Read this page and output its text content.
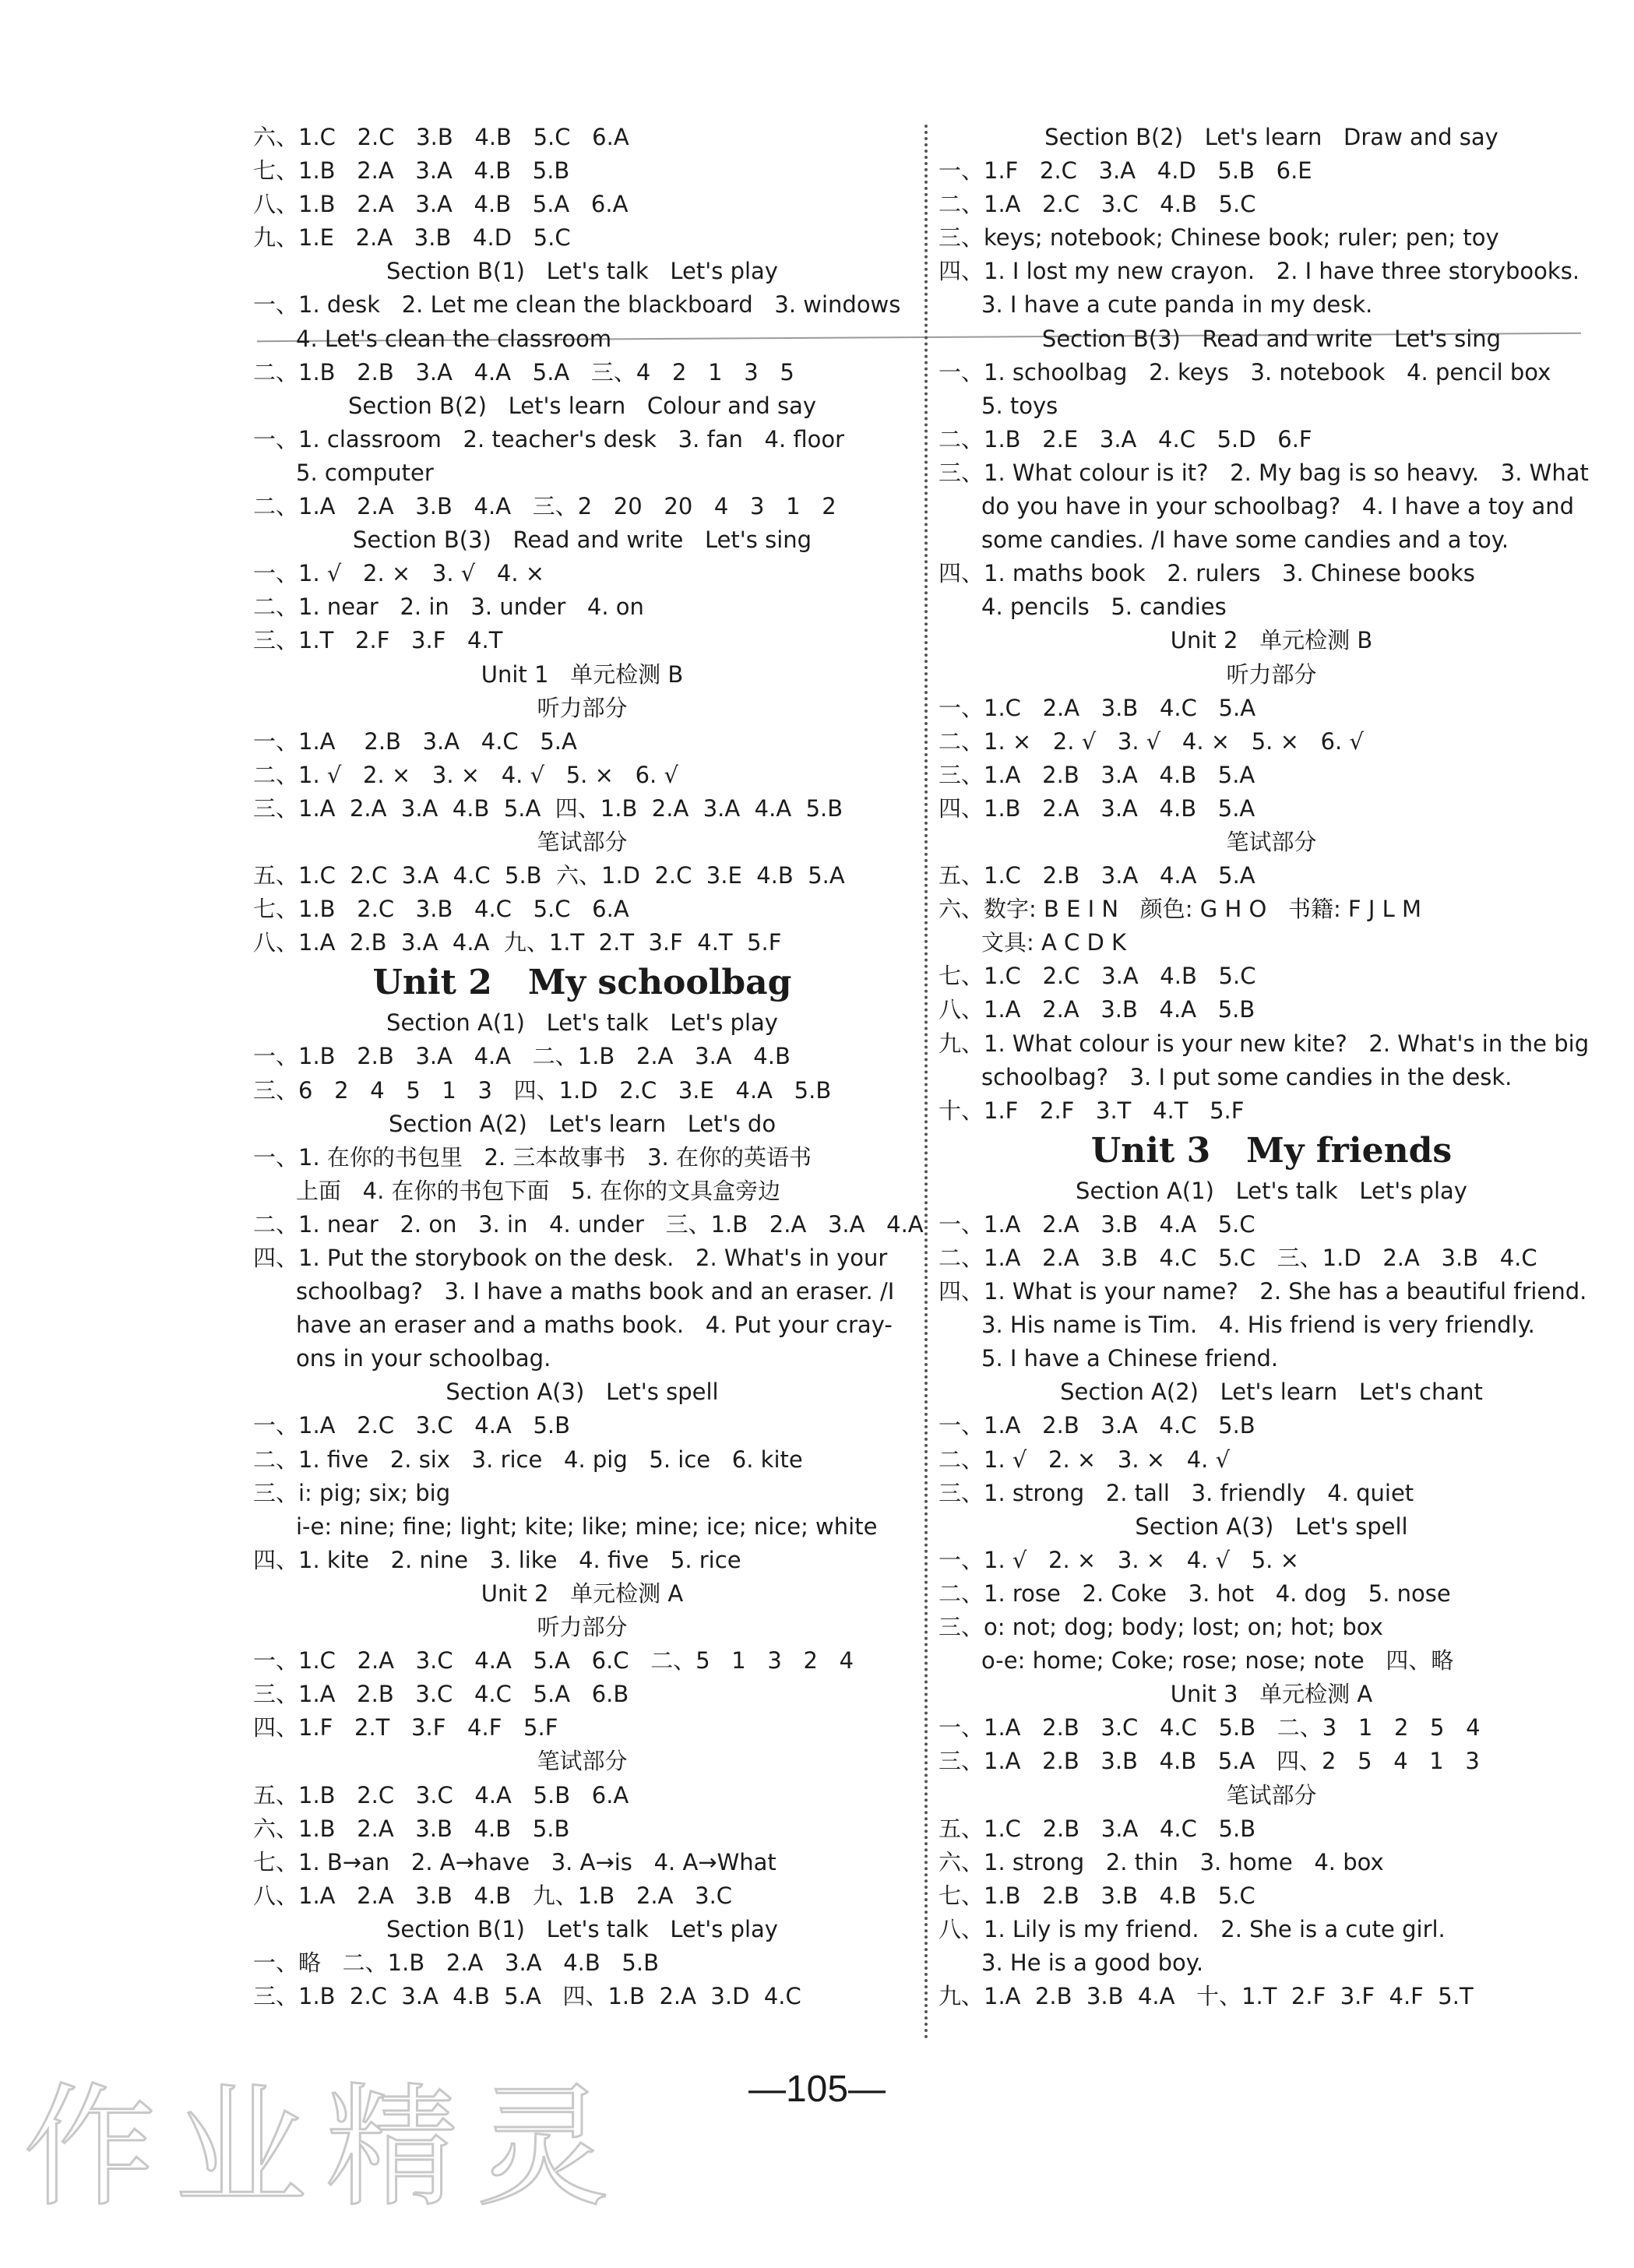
六、1.C   2.C   3.B   4.B   5.C   6.A
七、1.B   2.A   3.A   4.B   5.B
八、1.B   2.A   3.A   4.B   5.A   6.A
九、1.E   2.A   3.B   4.D   5.C
Section B(1)   Let's talk   Let's play
一、1. desk   2. Let me clean the blackboard   3. windows
4. Let's clean the classroom
二、1.B   2.B   3.A   4.A   5.A   三、4   2   1   3   5
Section B(2)   Let's learn   Colour and say
一、1. classroom   2. teacher's desk   3. fan   4. floor
5. computer
二、1.A   2.A   3.B   4.A   三、2   20   20   4   3   1   2
Section B(3)   Read and write   Let's sing
一、1. √   2. ×   3. √   4. ×
二、1. near   2. in   3. under   4. on
三、1.T   2.F   3.F   4.T
Unit 1   单元检测 B
听力部分
一、1.A    2.B   3.A   4.C   5.A
二、1. √   2. ×   3. ×   4. √   5. ×   6. √
三、1.A  2.A  3.A  4.B  5.A  四、1.B  2.A  3.A  4.A  5.B
笔试部分
五、1.C  2.C  3.A  4.C  5.B  六、1.D  2.C  3.E  4.B  5.A
七、1.B   2.C   3.B   4.C   5.C   6.A
八、1.A  2.B  3.A  4.A  九、1.T  2.T  3.F  4.T  5.F
Unit 2   My schoolbag
Section A(1)   Let's talk   Let's play
一、1.B   2.B   3.A   4.A   二、1.B   2.A   3.A   4.B
三、6   2   4   5   1   3   四、1.D   2.C   3.E   4.A   5.B
Section A(2)   Let's learn   Let's do
一、1. 在你的书包里   2. 三本故事书   3. 在你的英语书
上面   4. 在你的书包下面   5. 在你的文具盒旁边
二、1. near   2. on   3. in   4. under   三、1.B   2.A   3.A   4.A
四、1. Put the storybook on the desk.   2. What's in your
schoolbag?   3. I have a maths book and an eraser. /I
have an eraser and a maths book.   4. Put your cray-
ons in your schoolbag.
Section A(3)   Let's spell
一、1.A   2.C   3.C   4.A   5.B
二、1. five   2. six   3. rice   4. pig   5. ice   6. kite
三、i: pig; six; big
i-e: nine; fine; light; kite; like; mine; ice; nice; white
四、1. kite   2. nine   3. like   4. five   5. rice
Unit 2   单元检测 A
听力部分
一、1.C   2.A   3.C   4.A   5.A   6.C   二、5   1   3   2   4
三、1.A   2.B   3.C   4.C   5.A   6.B
四、1.F   2.T   3.F   4.F   5.F
笔试部分
五、1.B   2.C   3.C   4.A   5.B   6.A
六、1.B   2.A   3.B   4.B   5.B
七、1. B→an   2. A→have   3. A→is   4. A→What
八、1.A   2.A   3.B   4.B   九、1.B   2.A   3.C
Section B(1)   Let's talk   Let's play
一、略   二、1.B   2.A   3.A   4.B   5.B
三、1.B  2.C  3.A  4.B  5.A   四、1.B  2.A  3.D  4.C
Section B(2)   Let's learn   Draw and say
一、1.F   2.C   3.A   4.D   5.B   6.E
二、1.A   2.C   3.C   4.B   5.C
三、keys; notebook; Chinese book; ruler; pen; toy
四、1. I lost my new crayon.   2. I have three storybooks.
3. I have a cute panda in my desk.
Section B(3)   Read and write   Let's sing
一、1. schoolbag   2. keys   3. notebook   4. pencil box
5. toys
二、1.B   2.E   3.A   4.C   5.D   6.F
三、1. What colour is it?   2. My bag is so heavy.   3. What
do you have in your schoolbag?   4. I have a toy and
some candies. /I have some candies and a toy.
四、1. maths book   2. rulers   3. Chinese books
4. pencils   5. candies
Unit 2   单元检测 B
听力部分
一、1.C   2.A   3.B   4.C   5.A
二、1. ×   2. √   3. √   4. ×   5. ×   6. √
三、1.A   2.B   3.A   4.B   5.A
四、1.B   2.A   3.A   4.B   5.A
笔试部分
五、1.C   2.B   3.A   4.A   5.A
六、数字: B E I N   颜色: G H O   书籍: F J L M
文具: A C D K
七、1.C   2.C   3.A   4.B   5.C
八、1.A   2.A   3.B   4.A   5.B
九、1. What colour is your new kite?   2. What's in the big
schoolbag?   3. I put some candies in the desk.
十、1.F   2.F   3.T   4.T   5.F
Unit 3   My friends
Section A(1)   Let's talk   Let's play
一、1.A   2.A   3.B   4.A   5.C
二、1.A   2.A   3.B   4.C   5.C   三、1.D   2.A   3.B   4.C
四、1. What is your name?   2. She has a beautiful friend.
3. His name is Tim.   4. His friend is very friendly.
5. I have a Chinese friend.
Section A(2)   Let's learn   Let's chant
一、1.A   2.B   3.A   4.C   5.B
二、1. √   2. ×   3. ×   4. √
三、1. strong   2. tall   3. friendly   4. quiet
Section A(3)   Let's spell
一、1. √   2. ×   3. ×   4. √   5. ×
二、1. rose   2. Coke   3. hot   4. dog   5. nose
三、o: not; dog; body; lost; on; hot; box
o-e: home; Coke; rose; nose; note   四、略
Unit 3   单元检测 A
一、1.A   2.B   3.C   4.C   5.B   二、3   1   2   5   4
三、1.A   2.B   3.B   4.B   5.A   四、2   5   4   1   3
笔试部分
五、1.C   2.B   3.A   4.C   5.B
六、1. strong   2. thin   3. home   4. box
七、1.B   2.B   3.B   4.B   5.C
八、1. Lily is my friend.   2. She is a cute girl.
3. He is a good boy.
九、1.A  2.B  3.B  4.A   十、1.T  2.F  3.F  4.F  5.T
作业精灵	—105—
